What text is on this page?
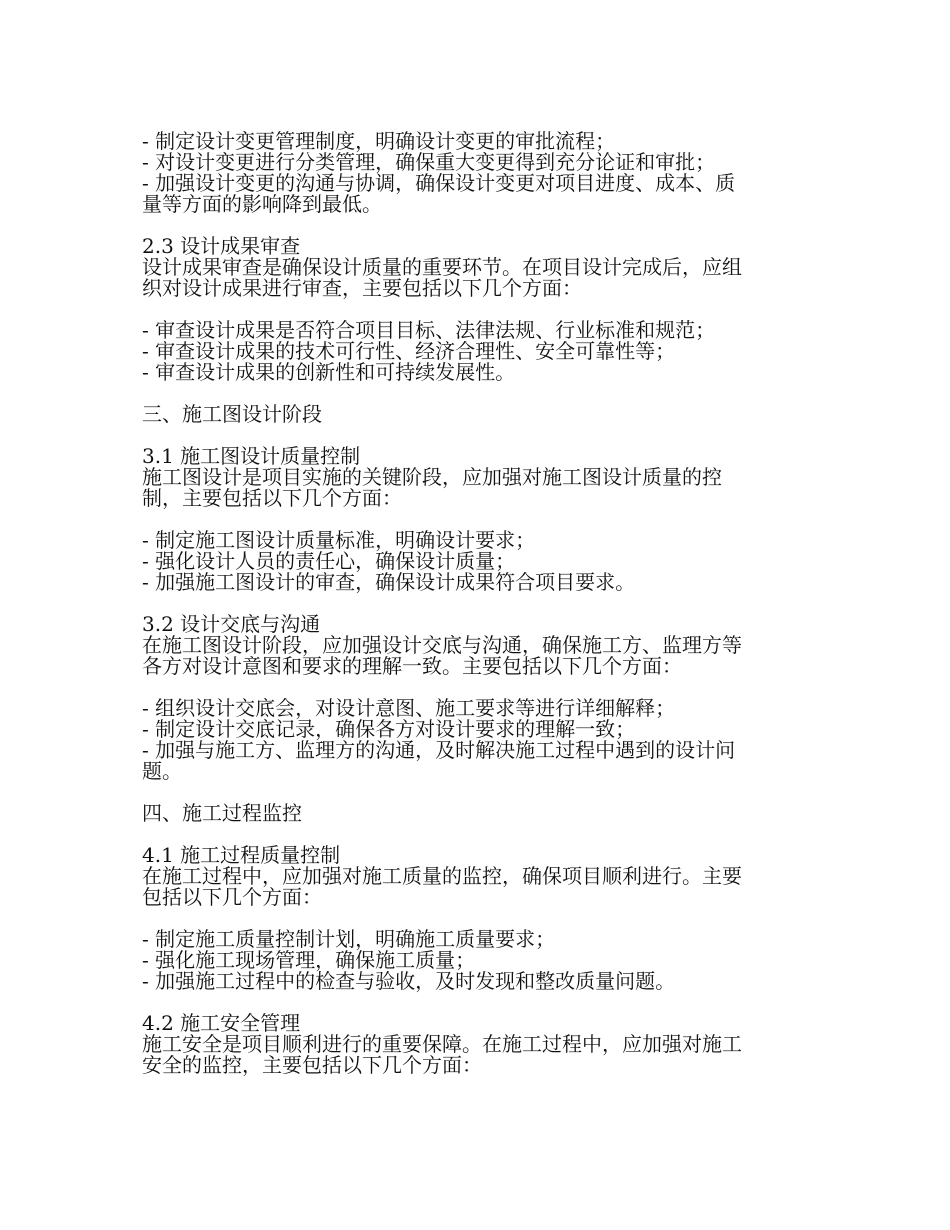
- 制定设计变更管理制度，明确设计变更的审批流程；
- 对设计变更进行分类管理，确保重大变更得到充分论证和审批；
- 加强设计变更的沟通与协调，确保设计变更对项目进度、成本、质
量等方面的影响降到最低。
2.3 设计成果审查
设计成果审查是确保设计质量的重要环节。在项目设计完成后，应组
织对设计成果进行审查，主要包括以下几个方面：
- 审查设计成果是否符合项目目标、法律法规、行业标准和规范；
- 审查设计成果的技术可行性、经济合理性、安全可靠性等；
- 审查设计成果的创新性和可持续发展性。
三、施工图设计阶段
3.1 施工图设计质量控制
施工图设计是项目实施的关键阶段，应加强对施工图设计质量的控
制，主要包括以下几个方面：
- 制定施工图设计质量标准，明确设计要求；
- 强化设计人员的责任心，确保设计质量；
- 加强施工图设计的审查，确保设计成果符合项目要求。
3.2 设计交底与沟通
在施工图设计阶段，应加强设计交底与沟通，确保施工方、监理方等
各方对设计意图和要求的理解一致。主要包括以下几个方面：
- 组织设计交底会，对设计意图、施工要求等进行详细解释；
- 制定设计交底记录，确保各方对设计要求的理解一致；
- 加强与施工方、监理方的沟通，及时解决施工过程中遇到的设计问
题。
四、施工过程监控
4.1 施工过程质量控制
在施工过程中，应加强对施工质量的监控，确保项目顺利进行。主要
包括以下几个方面：
- 制定施工质量控制计划，明确施工质量要求；
- 强化施工现场管理，确保施工质量；
- 加强施工过程中的检查与验收，及时发现和整改质量问题。
4.2 施工安全管理
施工安全是项目顺利进行的重要保障。在施工过程中，应加强对施工
安全的监控，主要包括以下几个方面：
